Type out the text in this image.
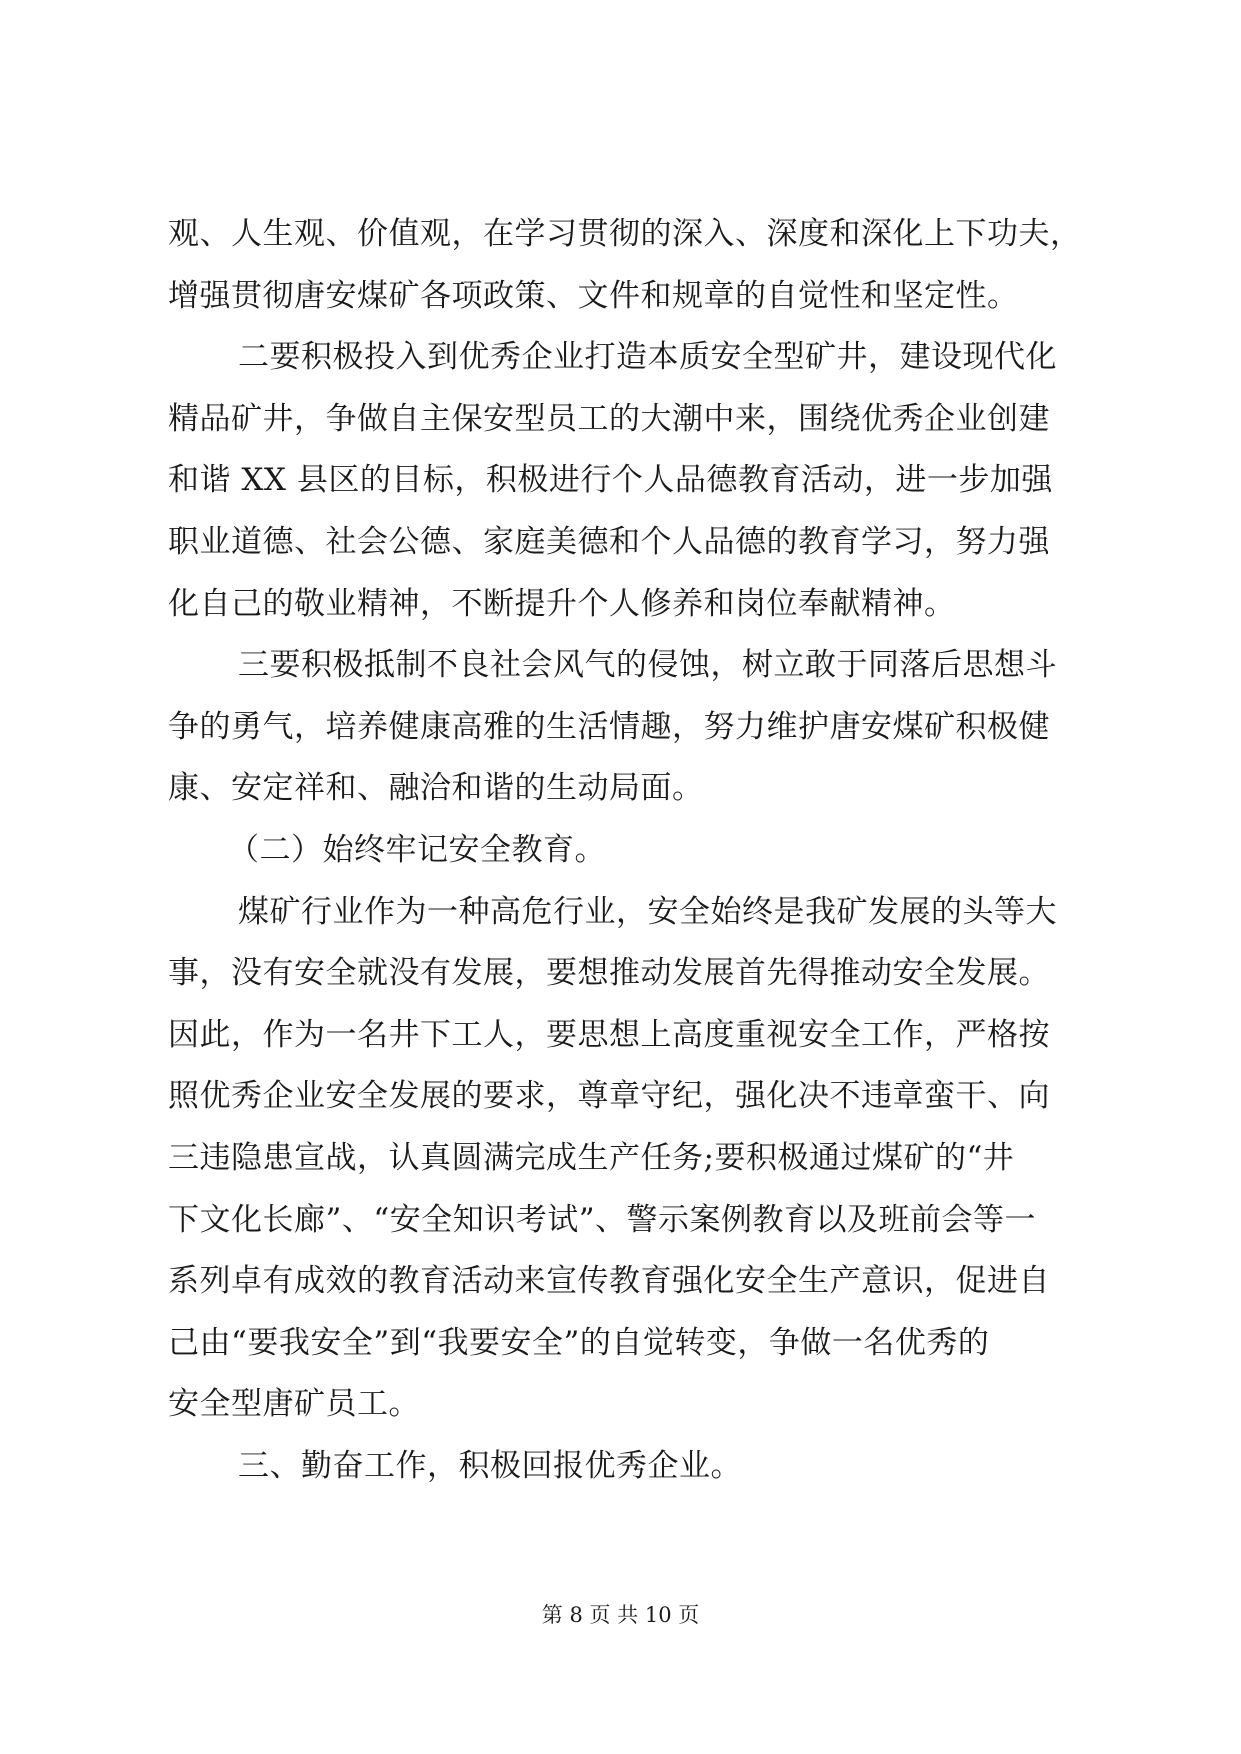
观、人生观、价值观，在学习贯彻的深入、深度和深化上下功夫，
增强贯彻唐安煤矿各项政策、文件和规章的自觉性和坚定性。
二要积极投入到优秀企业打造本质安全型矿井，建设现代化
精品矿井，争做自主保安型员工的大潮中来，围绕优秀企业创建
和谐 XX 县区的目标，积极进行个人品德教育活动，进一步加强
职业道德、社会公德、家庭美德和个人品德的教育学习，努力强
化自己的敬业精神，不断提升个人修养和岗位奉献精神。
三要积极抵制不良社会风气的侵蚀，树立敢于同落后思想斗
争的勇气，培养健康高雅的生活情趣，努力维护唐安煤矿积极健
康、安定祥和、融洽和谐的生动局面。
（二）始终牢记安全教育。
煤矿行业作为一种高危行业，安全始终是我矿发展的头等大
事，没有安全就没有发展，要想推动发展首先得推动安全发展。
因此，作为一名井下工人，要思想上高度重视安全工作，严格按
照优秀企业安全发展的要求，尊章守纪，强化决不违章蛮干、向
三违隐患宣战，认真圆满完成生产任务;要积极通过煤矿的“井
下文化长廊”、“安全知识考试”、警示案例教育以及班前会等一
系列卓有成效的教育活动来宣传教育强化安全生产意识，促进自
己由“要我安全”到“我要安全”的自觉转变，争做一名优秀的
安全型唐矿员工。
三、勤奋工作，积极回报优秀企业。
第 8 页 共 10 页
